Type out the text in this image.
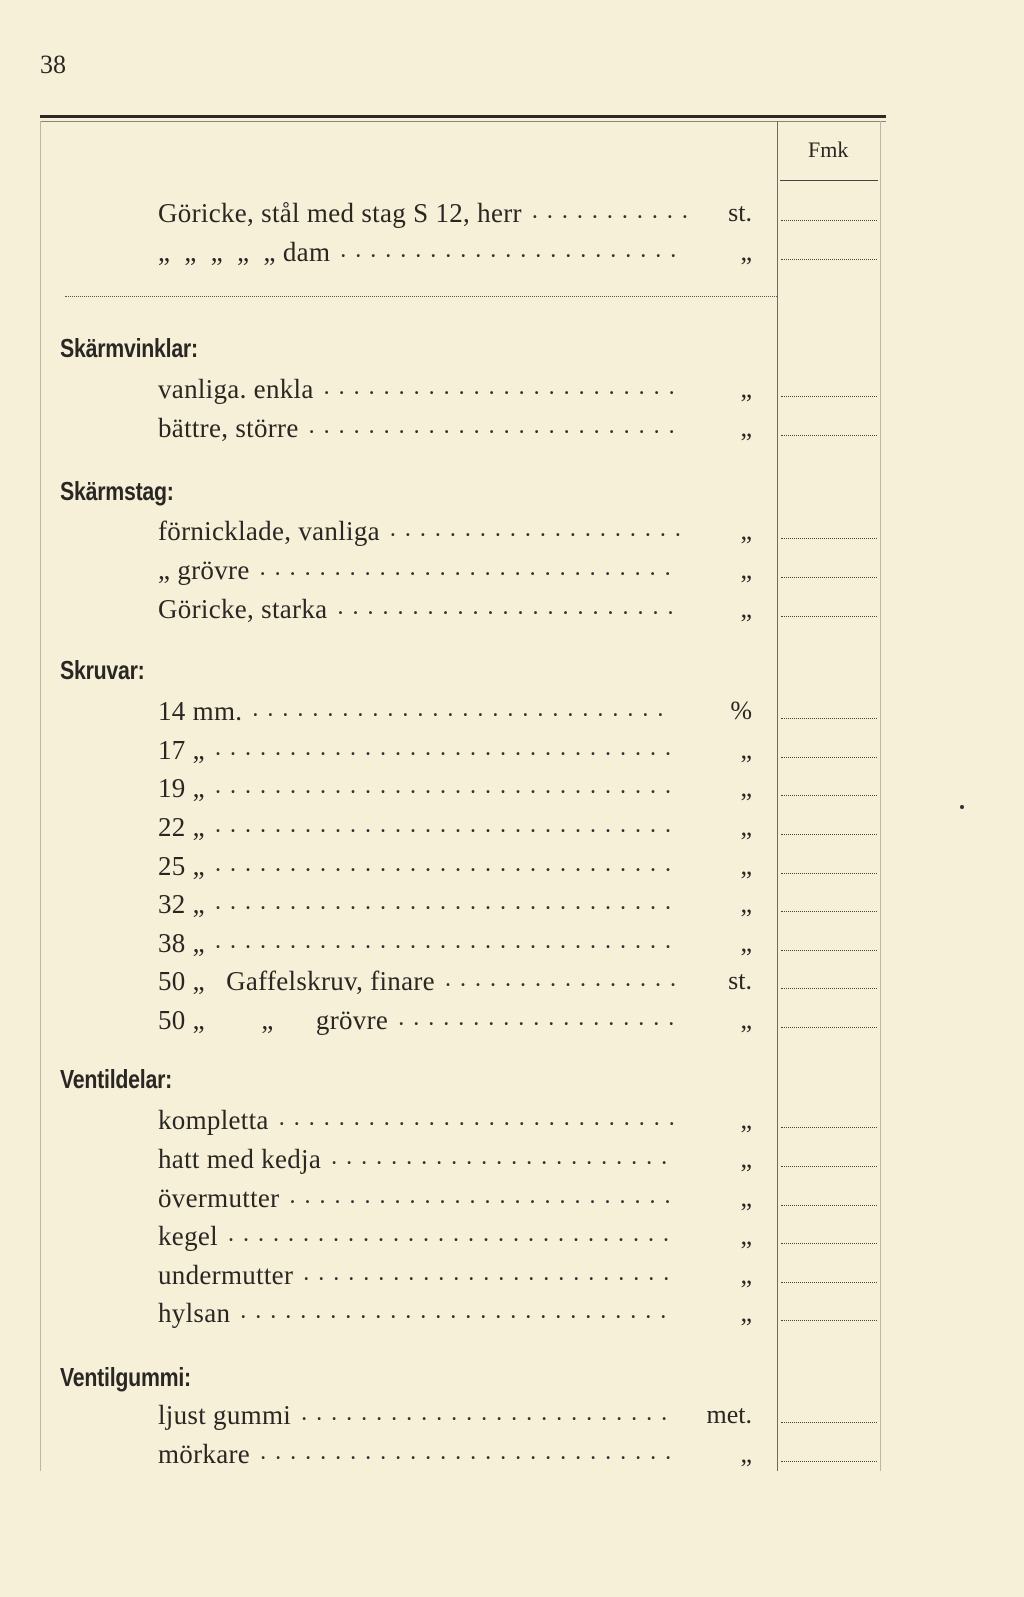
38
Fmk
Göricke, stål med stag S 12, herr ...........	st.
„  „  „  „  „ dam .......................	„
Skärmvinklar:
vanliga. enkla ........................	„
bättre, större .........................	„
Skärmstag:
förnicklade, vanliga ....................	„
„ grövre ............................	„
Göricke, starka .......................	„
Skruvar:
14 mm. ............................	%
17 „ ...............................	„
19 „ ...............................	„
22 „ ...............................	„
25 „ ...............................	„
32 „ ...............................	„
38 „ ...............................	„
50 „   Gaffelskruv, finare ................	st.
50 „        „      grövre ...................	„
Ventildelar:
kompletta ...........................	„
hatt med kedja .......................	„
övermutter ..........................	„
kegel ..............................	„
undermutter .........................	„
hylsan .............................	„
Ventilgummi:
ljust gummi .........................	met.
mörkare ............................	„
